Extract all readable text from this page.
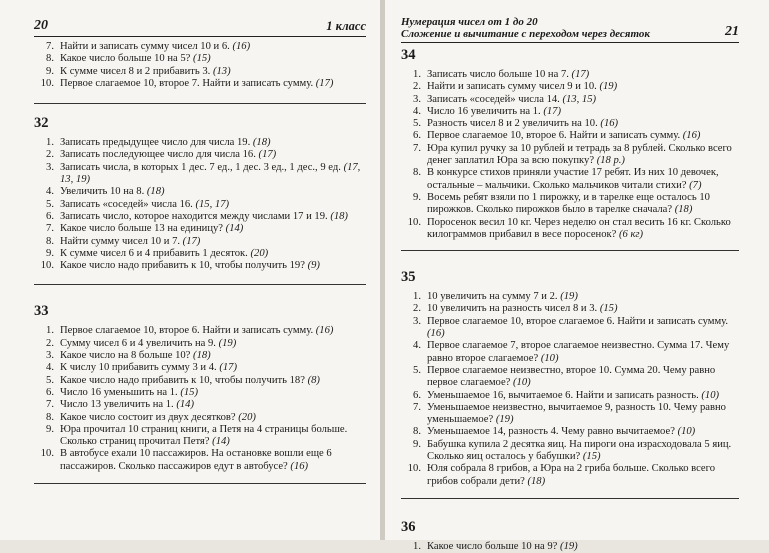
20	1 класс
7. Найти и записать сумму чисел 10 и 6. (16)
8. Какое число больше 10 на 5? (15)
9. К сумме чисел 8 и 2 прибавить 3. (13)
10. Первое слагаемое 10, второе 7. Найти и записать сумму. (17)
32
1. Записать предыдущее число для числа 19. (18)
2. Записать последующее число для числа 16. (17)
3. Записать числа, в которых 1 дес. 7 ед., 1 дес. 3 ед., 1 дес., 9 ед. (17, 13, 19)
4. Увеличить 10 на 8. (18)
5. Записать «соседей» числа 16. (15, 17)
6. Записать число, которое находится между числами 17 и 19. (18)
7. Какое число больше 13 на единицу? (14)
8. Найти сумму чисел 10 и 7. (17)
9. К сумме чисел 6 и 4 прибавить 1 десяток. (20)
10. Какое число надо прибавить к 10, чтобы получить 19? (9)
33
1. Первое слагаемое 10, второе 6. Найти и записать сумму. (16)
2. Сумму чисел 6 и 4 увеличить на 9. (19)
3. Какое число на 8 больше 10? (18)
4. К числу 10 прибавить сумму 3 и 4. (17)
5. Какое число надо прибавить к 10, чтобы получить 18? (8)
6. Число 16 уменьшить на 1. (15)
7. Число 13 увеличить на 1. (14)
8. Какое число состоит из двух десятков? (20)
9. Юра прочитал 10 страниц книги, а Петя на 4 страницы больше. Сколько страниц прочитал Петя? (14)
10. В автобусе ехали 10 пассажиров. На остановке вошли еще 6 пассажиров. Сколько пассажиров едут в автобусе? (16)
Нумерация чисел от 1 до 20
Сложение и вычитание с переходом через десяток	21
34
1. Записать число больше 10 на 7. (17)
2. Найти и записать сумму чисел 9 и 10. (19)
3. Записать «соседей» числа 14. (13, 15)
4. Число 16 увеличить на 1. (17)
5. Разность чисел 8 и 2 увеличить на 10. (16)
6. Первое слагаемое 10, второе 6. Найти и записать сумму. (16)
7. Юра купил ручку за 10 рублей и тетрадь за 8 рублей. Сколько всего денег заплатил Юра за всю покупку? (18 р.)
8. В конкурсе стихов приняли участие 17 ребят. Из них 10 девочек, остальные – мальчики. Сколько мальчиков читали стихи? (7)
9. Восемь ребят взяли по 1 пирожку, и в тарелке еще осталось 10 пирожков. Сколько пирожков было в тарелке сначала? (18)
10. Поросенок весил 10 кг. Через неделю он стал весить 16 кг. Сколько килограммов прибавил в весе поросенок? (6 кг)
35
1. 10 увеличить на сумму 7 и 2. (19)
2. 10 увеличить на разность чисел 8 и 3. (15)
3. Первое слагаемое 10, второе слагаемое 6. Найти и записать сумму. (16)
4. Первое слагаемое 7, второе слагаемое неизвестно. Сумма 17. Чему равно второе слагаемое? (10)
5. Первое слагаемое неизвестно, второе 10. Сумма 20. Чему равно первое слагаемое? (10)
6. Уменьшаемое 16, вычитаемое 6. Найти и записать разность. (10)
7. Уменьшаемое неизвестно, вычитаемое 9, разность 10. Чему равно уменьшаемое? (19)
8. Уменьшаемое 14, разность 4. Чему равно вычитаемое? (10)
9. Бабушка купила 2 десятка яиц. На пироги она израсходовала 5 яиц. Сколько яиц осталось у бабушки? (15)
10. Юля собрала 8 грибов, а Юра на 2 гриба больше. Сколько всего грибов собрали дети? (18)
36
1. Какое число больше 10 на 9? (19)
